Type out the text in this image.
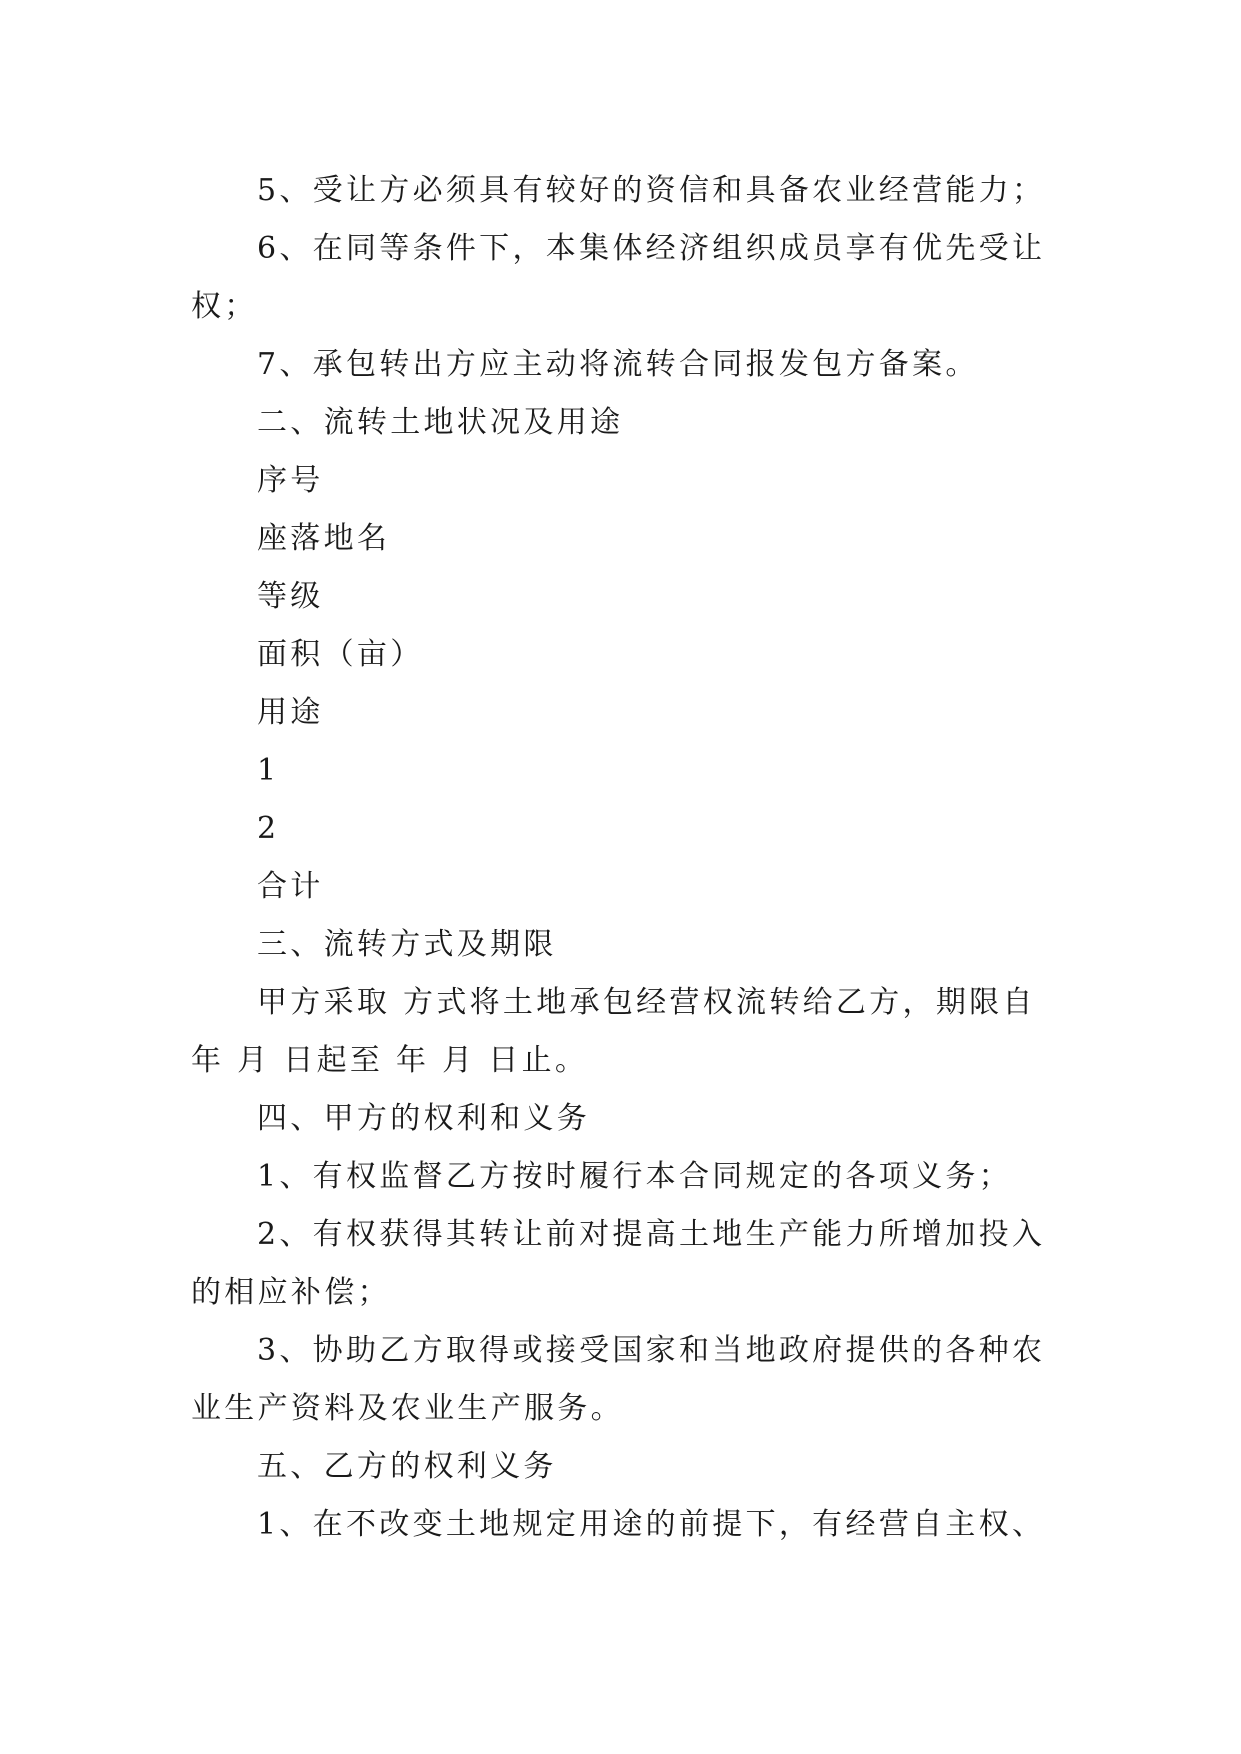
5、受让方必须具有较好的资信和具备农业经营能力；

6、在同等条件下，本集体经济组织成员享有优先受让权；

7、承包转出方应主动将流转合同报发包方备案。

二、流转土地状况及用途

序号

座落地名

等级

面积（亩）

用途

1

2

合计

三、流转方式及期限

甲方采取 方式将土地承包经营权流转给乙方，期限自 年 月 日起至 年 月 日止。

四、甲方的权利和义务

1、有权监督乙方按时履行本合同规定的各项义务；

2、有权获得其转让前对提高土地生产能力所增加投入的相应补偿；

3、协助乙方取得或接受国家和当地政府提供的各种农业生产资料及农业生产服务。

五、乙方的权利义务

1、在不改变土地规定用途的前提下，有经营自主权、
